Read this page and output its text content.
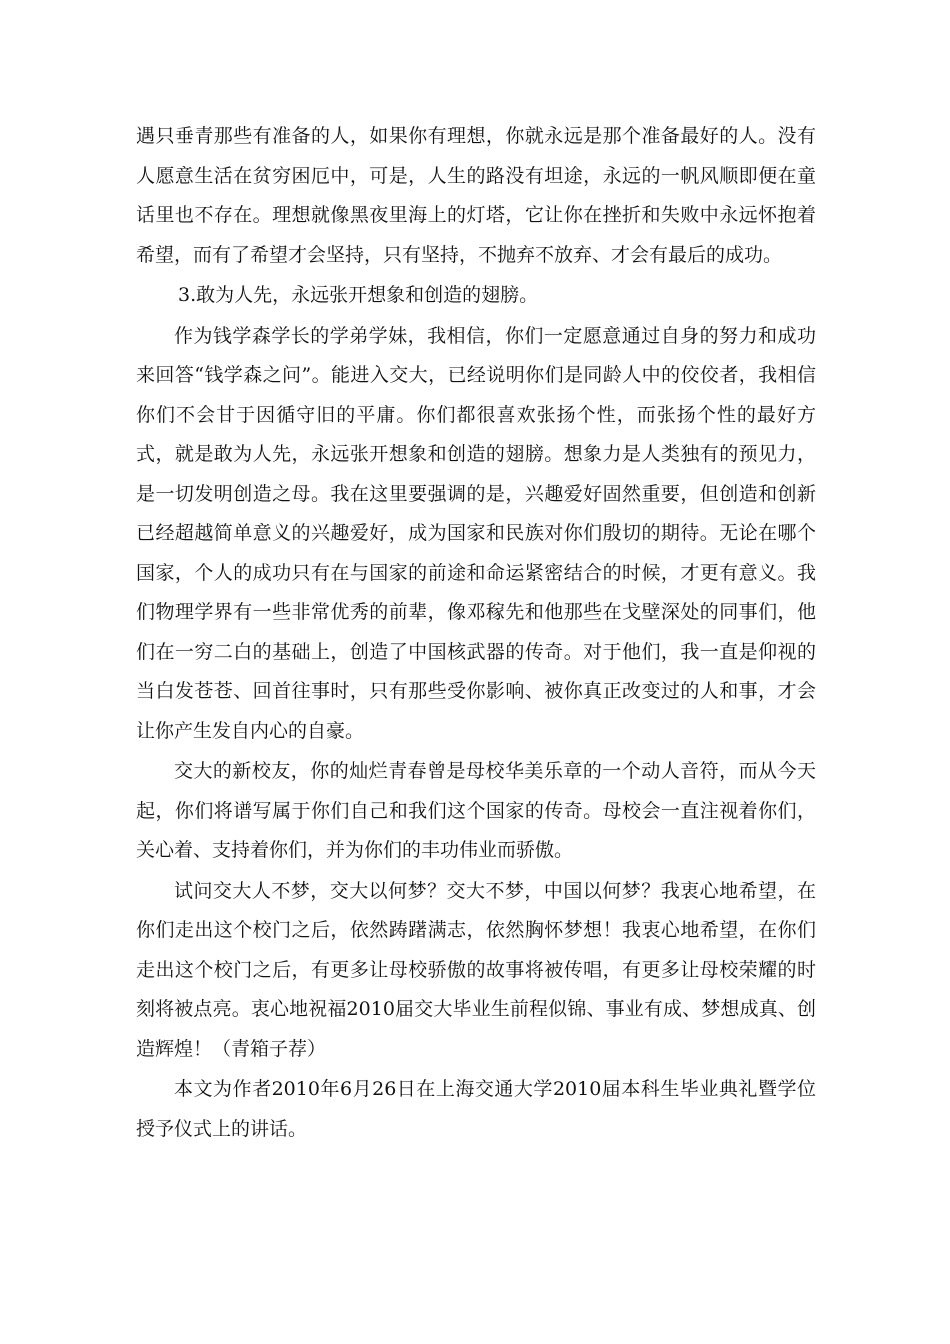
遇只垂青那些有准备的人，如果你有理想，你就永远是那个准备最好的人。没有人愿意生活在贫穷困厄中，可是，人生的路没有坦途，永远的一帆风顺即便在童话里也不存在。理想就像黑夜里海上的灯塔，它让你在挫折和失败中永远怀抱着希望，而有了希望才会坚持，只有坚持，不抛弃不放弃、才会有最后的成功。

3.敢为人先，永远张开想象和创造的翅膀。

作为钱学森学长的学弟学妹，我相信，你们一定愿意通过自身的努力和成功来回答“钱学森之问”。能进入交大，已经说明你们是同龄人中的佼佼者，我相信你们不会甘于因循守旧的平庸。你们都很喜欢张扬个性，而张扬个性的最好方式，就是敢为人先，永远张开想象和创造的翅膀。想象力是人类独有的预见力，是一切发明创造之母。我在这里要强调的是，兴趣爱好固然重要，但创造和创新已经超越简单意义的兴趣爱好，成为国家和民族对你们殷切的期待。无论在哪个国家，个人的成功只有在与国家的前途和命运紧密结合的时候，才更有意义。我们物理学界有一些非常优秀的前辈，像邓稼先和他那些在戈壁深处的同事们，他们在一穷二白的基础上，创造了中国核武器的传奇。对于他们，我一直是仰视的当白发苍苍、回首往事时，只有那些受你影响、被你真正改变过的人和事，才会让你产生发自内心的自豪。

交大的新校友，你的灿烂青春曾是母校华美乐章的一个动人音符，而从今天起，你们将谱写属于你们自己和我们这个国家的传奇。母校会一直注视着你们，关心着、支持着你们，并为你们的丰功伟业而骄傲。

试问交大人不梦，交大以何梦？交大不梦，中国以何梦？我衷心地希望，在你们走出这个校门之后，依然踌躇满志，依然胸怀梦想！我衷心地希望，在你们走出这个校门之后，有更多让母校骄傲的故事将被传唱，有更多让母校荣耀的时刻将被点亮。衷心地祝福2010届交大毕业生前程似锦、事业有成、梦想成真、创造辉煌！（青箱子荐）

本文为作者2010年6月26日在上海交通大学2010届本科生毕业典礼暨学位授予仪式上的讲话。
